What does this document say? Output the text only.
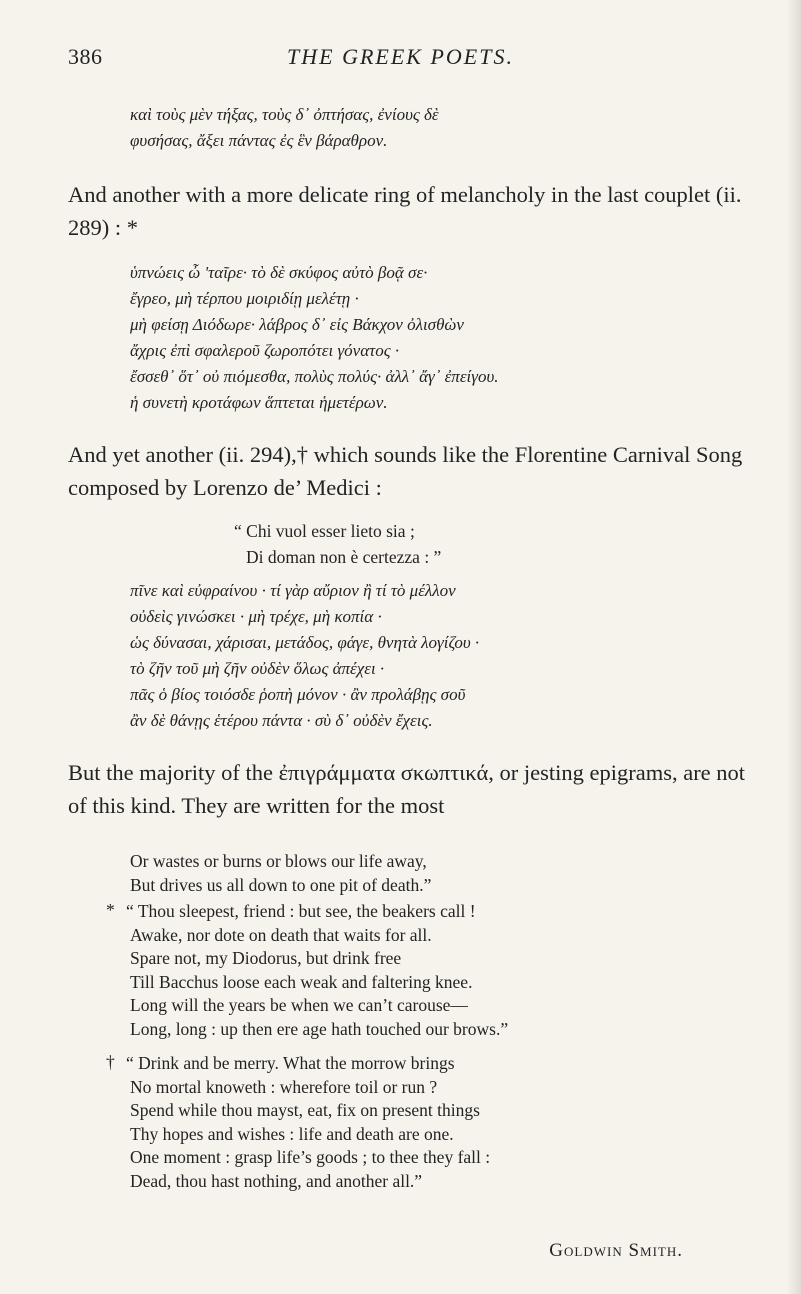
386	THE GREEK POETS.
καὶ τοὺς μὲν τήξας, τοὺς δ᾽ ὀπτήσας, ἐνίους δὲ
φυσήσας, ἄξει πάντας ἐς ἓν βάραθρον.

And another with a more delicate ring of melancholy in the last couplet (ii. 289) : *

ὑπνώεις ὦ 'ταῖρε· τὸ δὲ σκύφος αὐτὸ βοᾷ σε·
ἔγρεο, μὴ τέρπου μοιριδίῃ μελέτῃ ·
μὴ φείσῃ Διόδωρε· λάβρος δ᾽ εἰς Βάκχον ὀλισθὼν
ἄχρις ἐπὶ σφαλεροῦ ζωροπότει γόνατος ·
ἔσσεθ᾽ ὅτ᾽ οὐ πιόμεσθα, πολὺς πολύς· ἀλλ᾽ ἄγ᾽ ἐπείγου.
ἡ συνετὴ κροτάφων ἅπτεται ἡμετέρων.

And yet another (ii. 294),† which sounds like the Florentine Carnival Song composed by Lorenzo de’ Medici :

“ Chi vuol esser lieto sia ;
Di doman non è certezza : ”
πῖνε καὶ εὐφραίνου · τί γὰρ αὔριον ἢ τί τὸ μέλλον
οὐδεὶς γινώσκει · μὴ τρέχε, μὴ κοπία ·
ὡς δύνασαι, χάρισαι, μετάδος, φάγε, θνητὰ λογίζου ·
τὸ ζῆν τοῦ μὴ ζῆν οὐδὲν ὅλως ἀπέχει ·
πᾶς ὁ βίος τοιόσδε ῥοπὴ μόνον · ἂν προλάβῃς σοῦ
ἂν δὲ θάνῃς ἑτέρου πάντα · σὺ δ᾽ οὐδὲν ἔχεις.

But the majority of the ἐπιγράμματα σκωπτικά, or jesting epigrams, are not of this kind. They are written for the most

Or wastes or burns or blows our life away,
But drives us all down to one pit of death.”
* “ Thou sleepest, friend : but see, the beakers call !
Awake, nor dote on death that waits for all.
Spare not, my Diodorus, but drink free
Till Bacchus loose each weak and faltering knee.
Long will the years be when we can’t carouse—
Long, long : up then ere age hath touched our brows.”
† “ Drink and be merry. What the morrow brings
No mortal knoweth : wherefore toil or run ?
Spend while thou mayst, eat, fix on present things
Thy hopes and wishes : life and death are one.
One moment : grasp life’s goods ; to thee they fall :
Dead, thou hast nothing, and another all.”
Goldwin Smith.
